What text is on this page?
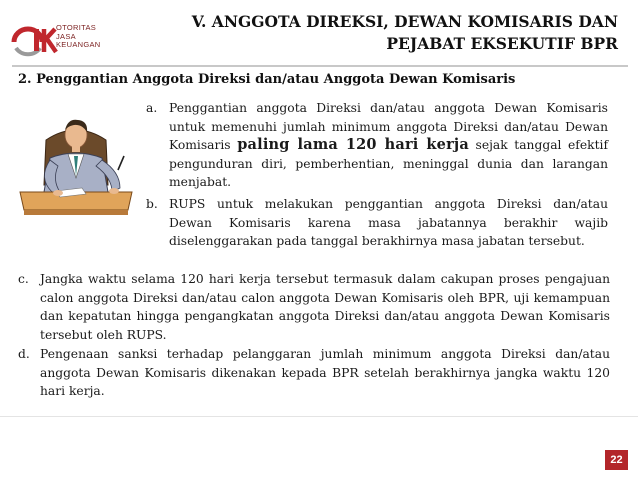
OTORITAS
JASA
KEUANGAN
V. ANGGOTA DIREKSI, DEWAN KOMISARIS DAN
PEJABAT EKSEKUTIF BPR
2. Penggantian Anggota Direksi dan/atau Anggota Dewan Komisaris
a. Penggantian anggota Direksi dan/atau anggota Dewan Komisaris untuk memenuhi jumlah minimum anggota Direksi dan/atau Dewan Komisaris paling lama 120 hari kerja sejak tanggal efektif pengunduran diri, pemberhentian, meninggal dunia dan larangan menjabat.
b. RUPS untuk melakukan penggantian anggota Direksi dan/atau Dewan Komisaris karena masa jabatannya berakhir wajib diselenggarakan pada tanggal berakhirnya masa jabatan tersebut.
c. Jangka waktu selama 120 hari kerja tersebut termasuk dalam cakupan proses pengajuan calon anggota Direksi dan/atau calon anggota Dewan Komisaris oleh BPR, uji kemampuan dan kepatutan hingga pengangkatan anggota Direksi dan/atau anggota Dewan Komisaris tersebut oleh RUPS.
d. Pengenaan sanksi terhadap pelanggaran jumlah minimum anggota Direksi dan/atau anggota Dewan Komisaris dikenakan kepada BPR setelah berakhirnya jangka waktu 120 hari kerja.
22
